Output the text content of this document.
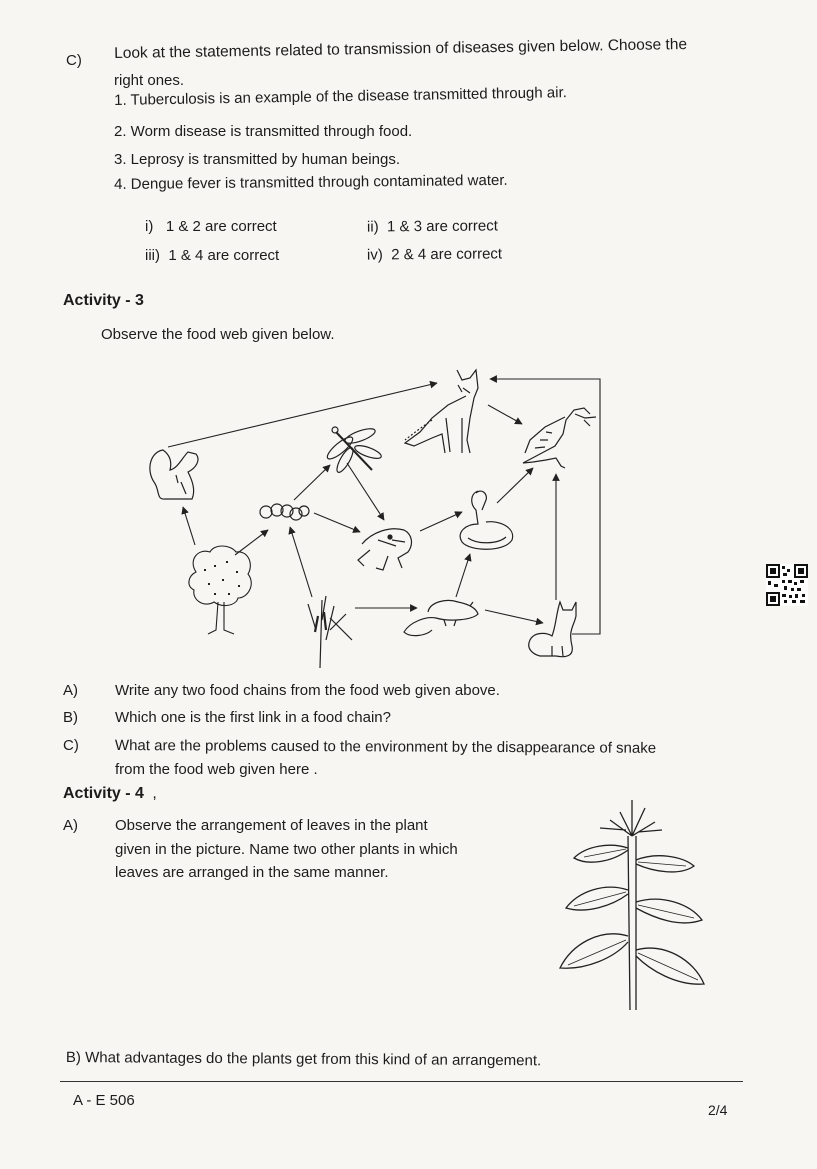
C) Look at the statements related to transmission of diseases given below. Choose the
right ones.
1. Tuberculosis is an example of the disease transmitted through air.
2. Worm disease is transmitted through food.
3. Leprosy is transmitted by human beings.
4. Dengue fever is transmitted through contaminated water.
i)   1 & 2 are correct	ii)  1 & 3 are correct
iii)  1 & 4 are correct	iv)  2 & 4 are correct
Activity - 3
Observe the food web given below.
A) Write any two food chains from the food web given above.
B) Which one is the first link in a food chain?
C) What are the problems caused to the environment by the disappearance of snake
from the food web given here .
Activity - 4 ,
A) Observe the arrangement of leaves in the plant
given in the picture. Name two other plants in which
leaves are arranged in the same manner.
B) What advantages do the plants get from this kind of an arrangement.
A - E 506
2/4
